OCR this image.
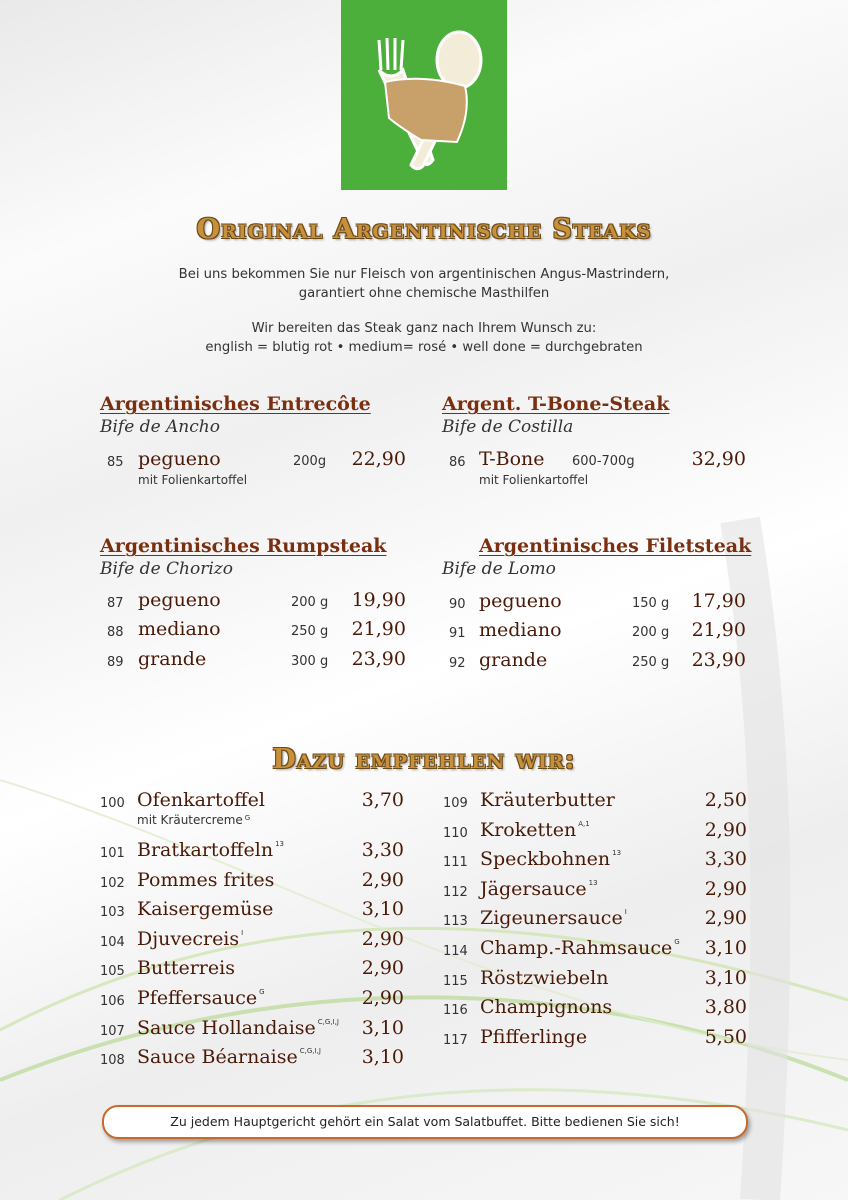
Original Argentinische Steaks

Bei uns bekommen Sie nur Fleisch von argentinischen Angus-Mastrindern,

garantiert ohne chemische Masthilfen

Wir bereiten das Steak ganz nach Ihrem Wunsch zu:

english = blutig rot • medium= rosé • well done = durchgebraten

Argentinisches Entrecôte
Bife de Ancho
85 pegueno	200g 22,90
mit Folienkartoffel
Argent. T-Bone-Steak
Bife de Costilla
86 T-Bone 600-700g	32,90
mit Folienkartoffel
Argentinisches Rumpsteak
Bife de Chorizo
87 pegueno	200 g 19,90
88 mediano	250 g 21,90
89 grande	300 g 23,90
Argentinisches Filetsteak
Bife de Lomo
90 pegueno	150 g 17,90
91 mediano	200 g 21,90
92 grande	250 g 23,90
Dazu empfehlen wir:
100 Ofenkartoffel	3,70
mit Kräutercreme $^G$
101 Bratkartoffeln $^{13}$	3,30
102 Pommes frites	2,90
103 Kaisergemüse	3,10
104 Djuvecreis $^I$	2,90
105 Butterreis	2,90
106 Pfeffersauce $^G$	2,90
107 Sauce Hollandaise $^{C,G,I,J}$ 3,10
108 Sauce Béarnaise $^{C,G,I,J}$ 3,10
109 Kräuterbutter	2,50
110 Kroketten $^{A,1}$	2,90
111 Speckbohnen $^{13}$	3,30
112 Jägersauce $^{13}$	2,90
113 Zigeunersauce $^I$	2,90
114 Champ.-Rahmsauce $^G$ 3,10
115 Röstzwiebeln	3,10
116 Champignons	3,80
117 Pfifferlinge	5,50
Zu jedem Hauptgericht gehört ein Salat vom Salatbuffet. Bitte bedienen Sie sich!
